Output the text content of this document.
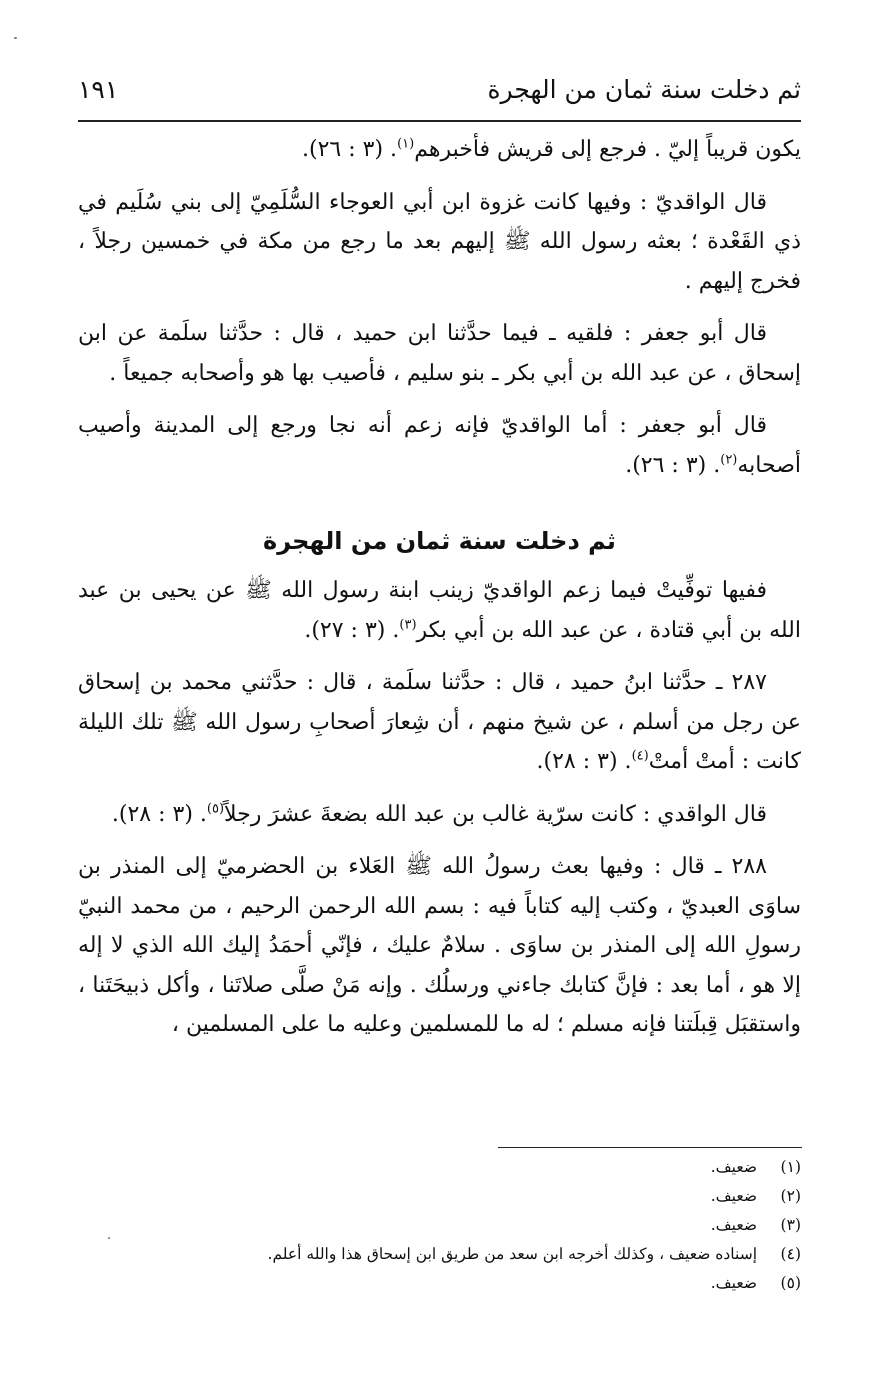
١٩١	ثم دخلت سنة ثمان من الهجرة

يكون قريباً إليّ . فرجع إلى قريش فأخبرهم$^{(١)}$. (٣ : ٢٦).

قال الواقديّ : وفيها كانت غزوة ابن أبي العوجاء السُّلَمِيّ إلى بني سُلَيم في ذي القَعْدة ؛ بعثه رسول الله ﷺ إليهم بعد ما رجع من مكة في خمسين رجلاً ، فخرج إليهم .

قال أبو جعفر : فلقيه ـ فيما حدَّثنا ابن حميد ، قال : حدَّثنا سلَمة عن ابن إسحاق ، عن عبد الله بن أبي بكر ـ بنو سليم ، فأصيب بها هو وأصحابه جميعاً .

قال أبو جعفر : أما الواقديّ فإنه زعم أنه نجا ورجع إلى المدينة وأصيب أصحابه$^{(٢)}$. (٣ : ٢٦).

ثم دخلت سنة ثمان من الهجرة

ففيها توفِّيتْ فيما زعم الواقديّ زينب ابنة رسول الله ﷺ عن يحيى بن عبد الله بن أبي قتادة ، عن عبد الله بن أبي بكر$^{(٣)}$. (٣ : ٢٧).

٢٨٧ ـ حدَّثنا ابنُ حميد ، قال : حدَّثنا سلَمة ، قال : حدَّثني محمد بن إسحاق عن رجل من أسلم ، عن شيخ منهم ، أن شِعارَ أصحابِ رسول الله ﷺ تلك الليلة كانت : أمتْ أمتْ$^{(٤)}$. (٣ : ٢٨).

قال الواقدي : كانت سرّية غالب بن عبد الله بضعةَ عشرَ رجلاً$^{(٥)}$. (٣ : ٢٨).

٢٨٨ ـ قال : وفيها بعث رسولُ الله ﷺ العَلاء بن الحضرميّ إلى المنذر بن ساوَى العبديّ ، وكتب إليه كتاباً فيه : بسم الله الرحمن الرحيم ، من محمد النبيّ رسولِ الله إلى المنذر بن ساوَى . سلامٌ عليك ، فإنّي أحمَدُ إليك الله الذي لا إله إلا هو ، أما بعد : فإنَّ كتابك جاءني ورسلُك . وإنه مَنْ صلَّى صلاتَنا ، وأكل ذبيحَتَنا ، واستقبَل قِبلَتنا فإنه مسلم ؛ له ما للمسلمين وعليه ما على المسلمين ،

(١)
ضعيف.
(٢)
ضعيف.
(٣)
ضعيف.
(٤)
إسناده ضعيف ، وكذلك أخرجه ابن سعد من طريق ابن إسحاق هذا والله أعلم.
(٥)
ضعيف.
